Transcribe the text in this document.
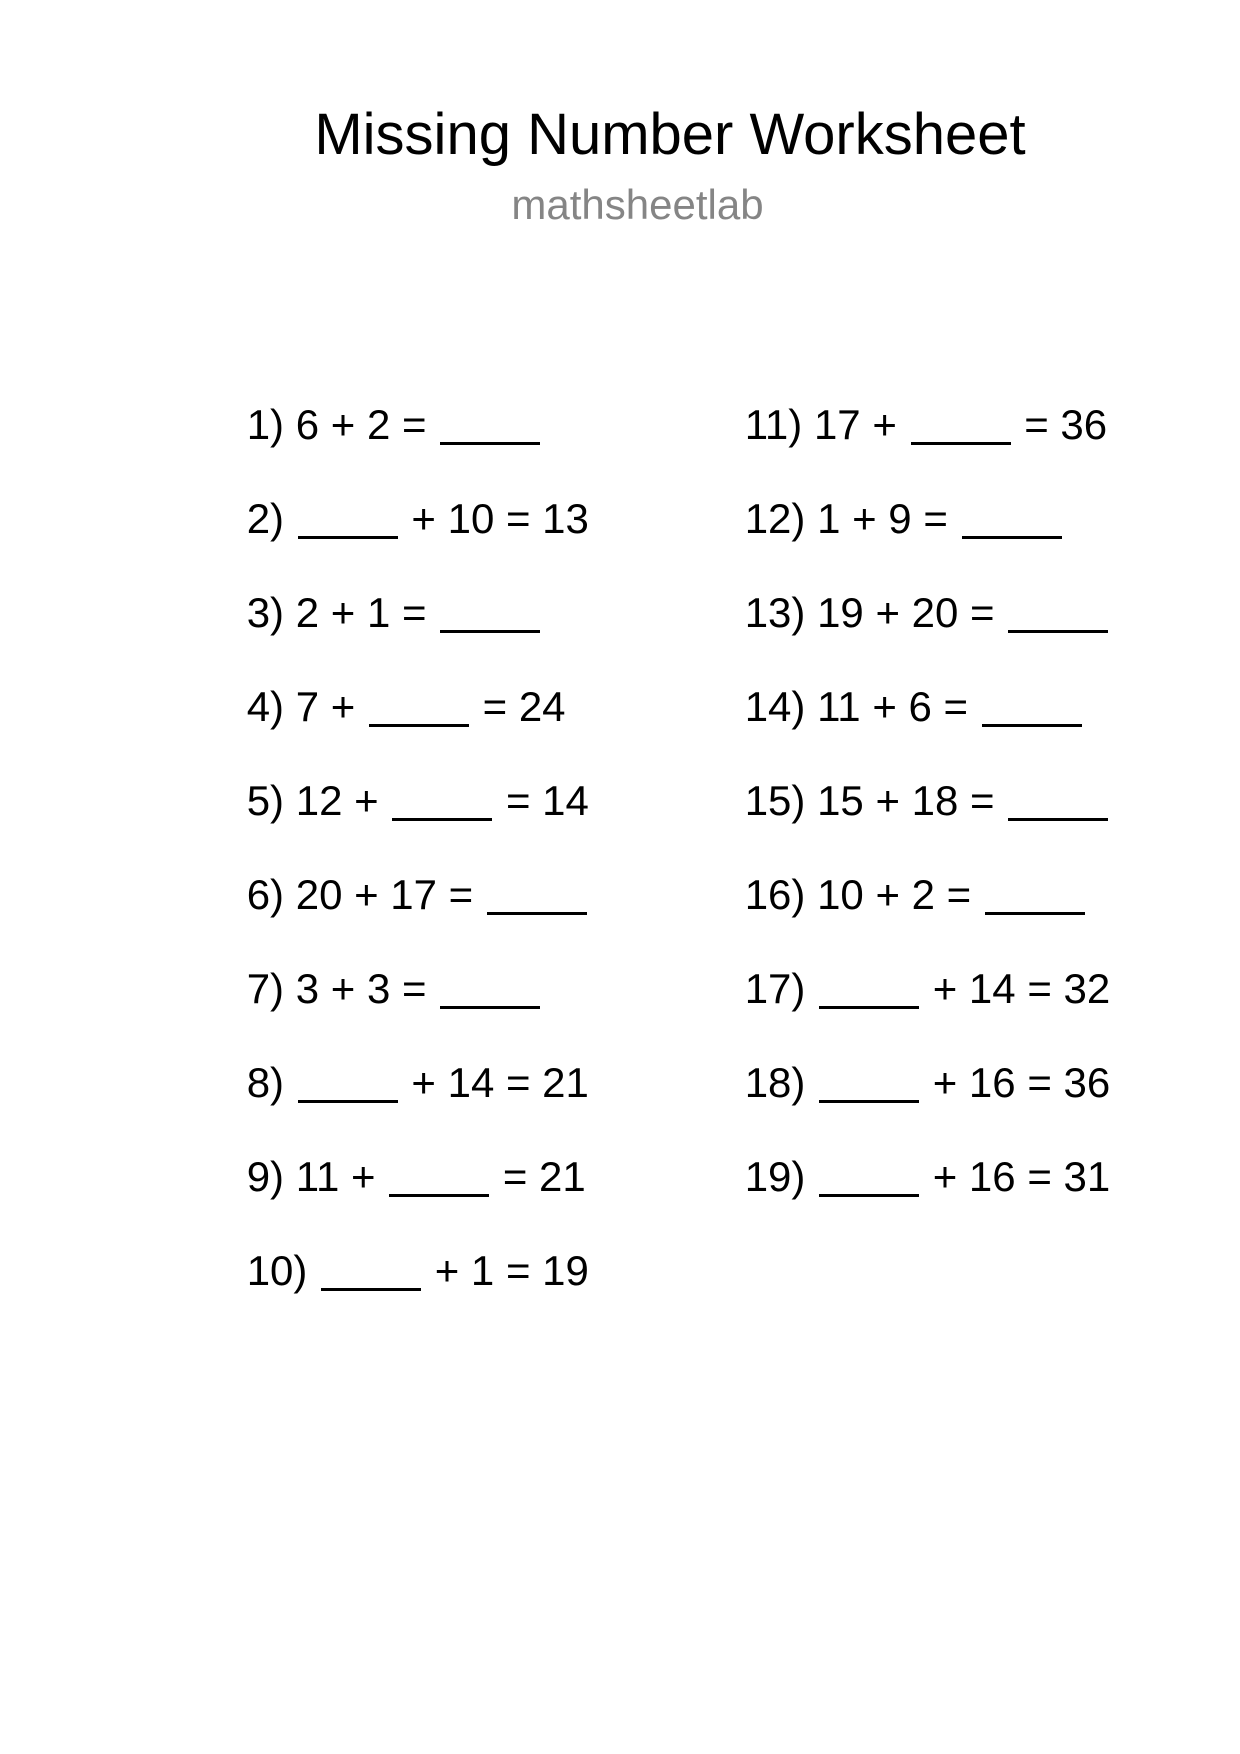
Missing Number Worksheet
mathsheetlab

1) 6 + 2 =

2)	+ 10 = 13

3) 2 + 1 =

4) 7 +	= 24

5) 12 +	= 14

6) 20 + 17 =

7) 3 + 3 =

8)	+ 14 = 21

9) 11 +	= 21

10)	+ 1 = 19

11) 17 +	= 36

12) 1 + 9 =

13) 19 + 20 =

14) 11 + 6 =

15) 15 + 18 =

16) 10 + 2 =

17)	+ 14 = 32

18)	+ 16 = 36

19)	+ 16 = 31
